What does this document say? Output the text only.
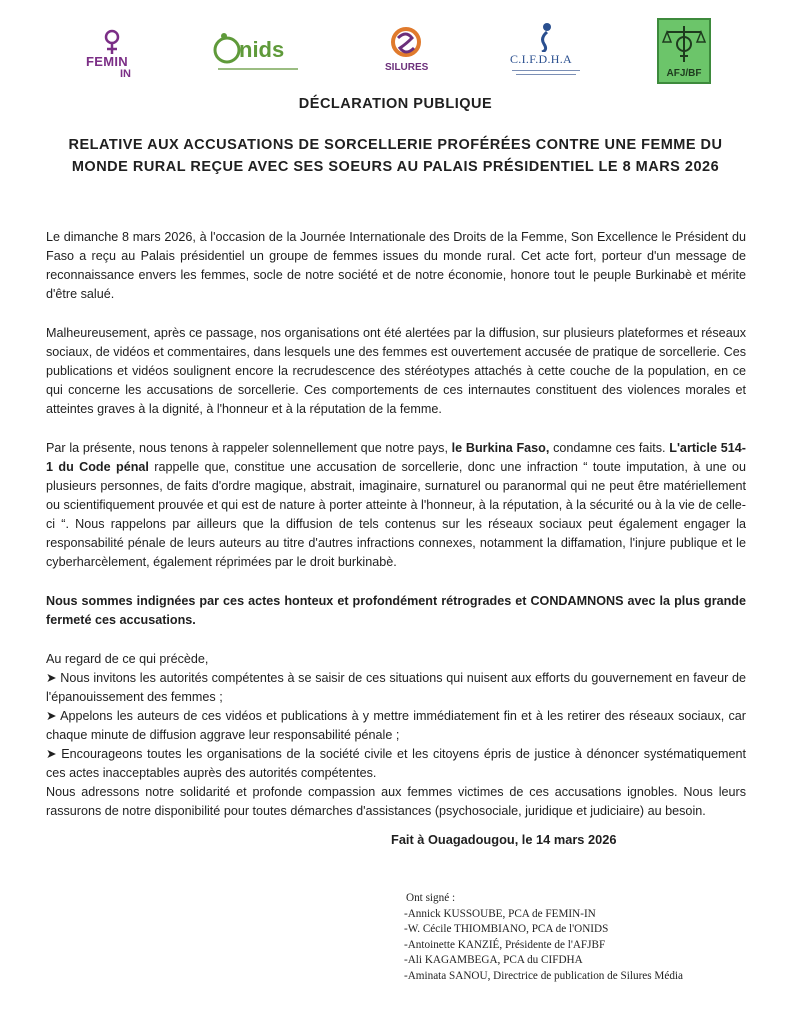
FEMIN
IN
nids
SILURES
C.I.F.D.H.A
AFJ/BF
DÉCLARATION PUBLIQUE
RELATIVE AUX ACCUSATIONS DE SORCELLERIE PROFÉRÉES CONTRE UNE FEMME DU
MONDE RURAL REÇUE AVEC SES SOEURS AU PALAIS PRÉSIDENTIEL LE 8 MARS 2026

Le dimanche 8 mars 2026, à l'occasion de la Journée Internationale des Droits de la Femme, Son Excellence le Président du Faso a reçu au Palais présidentiel un groupe de femmes issues du monde rural. Cet acte fort, porteur d'un message de reconnaissance envers les femmes, socle de notre société et de notre économie, honore tout le peuple Burkinabè et mérite d'être salué.

Malheureusement, après ce passage, nos organisations ont été alertées par la diffusion, sur plusieurs plateformes et réseaux sociaux, de vidéos et commentaires, dans lesquels une des femmes est ouvertement accusée de pratique de sorcellerie. Ces publications et vidéos soulignent encore la recrudescence des stéréotypes attachés à cette couche de la population, en ce qui concerne les accusations de sorcellerie. Ces comportements de ces internautes constituent des violences morales et atteintes graves à la dignité, à l'honneur et à la réputation de la femme.

Par la présente, nous tenons à rappeler solennellement que notre pays, le Burkina Faso, condamne ces faits. L'article 514-1 du Code pénal rappelle que, constitue une accusation de sorcellerie, donc une infraction “ toute imputation, à une ou plusieurs personnes, de faits d'ordre magique, abstrait, imaginaire, surnaturel ou paranormal qui ne peut être matériellement ou scientifiquement prouvée et qui est de nature à porter atteinte à l'honneur, à la réputation, à la sécurité ou à la vie de celle-ci “. Nous rappelons par ailleurs que la diffusion de tels contenus sur les réseaux sociaux peut également engager la responsabilité pénale de leurs auteurs au titre d'autres infractions connexes, notamment la diffamation, l'injure publique et le cyberharcèlement, également réprimées par le droit burkinabè.

Nous sommes indignées par ces actes honteux et profondément rétrogrades et CONDAMNONS avec la plus grande fermeté ces accusations.

Au regard de ce qui précède,

➤ Nous invitons les autorités compétentes à se saisir de ces situations qui nuisent aux efforts du gouvernement en faveur de l'épanouissement des femmes ;

➤ Appelons les auteurs de ces vidéos et publications à y mettre immédiatement fin et à les retirer des réseaux sociaux, car chaque minute de diffusion aggrave leur responsabilité pénale ;

➤ Encourageons toutes les organisations de la société civile et les citoyens épris de justice à dénoncer systématiquement ces actes inacceptables auprès des autorités compétentes.

Nous adressons notre solidarité et profonde compassion aux femmes victimes de ces accusations ignobles. Nous leurs rassurons de notre disponibilité pour toutes démarches d'assistances (psychosociale, juridique et judiciaire) au besoin.

Fait à Ouagadougou, le 14 mars 2026
Ont signé :
-Annick KUSSOUBE, PCA de FEMIN-IN
-W. Cécile THIOMBIANO, PCA de l'ONIDS
-Antoinette KANZIÉ, Présidente de l'AFJBF
-Ali KAGAMBEGA, PCA du CIFDHA
-Aminata SANOU, Directrice de publication de Silures Média
